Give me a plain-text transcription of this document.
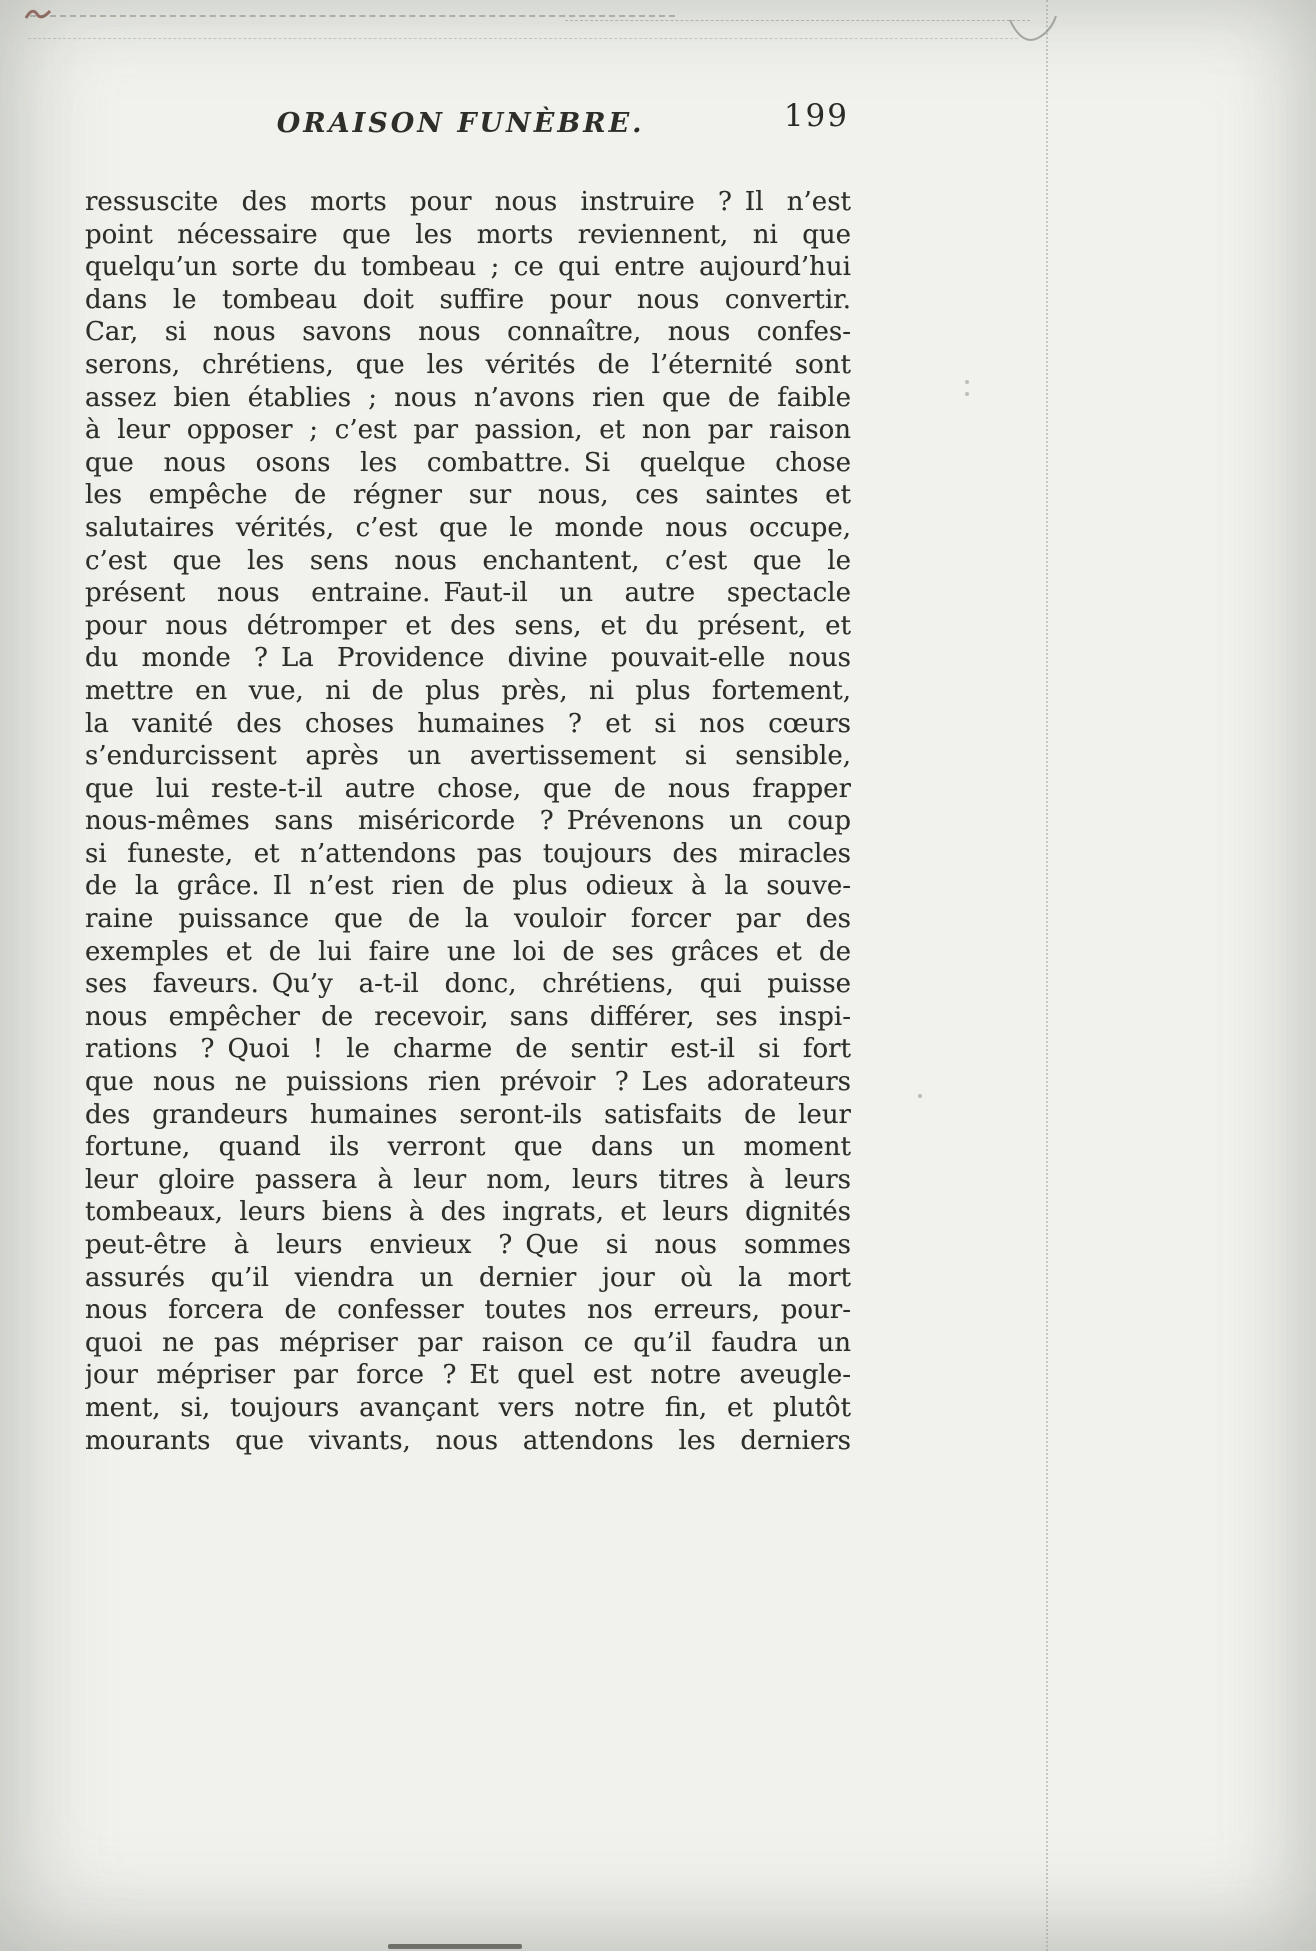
ORAISON FUNÈBRE.	199
ressuscite des morts pour nous instruire ? Il n’est
point nécessaire que les morts reviennent, ni que
quelqu’un sorte du tombeau ; ce qui entre aujourd’hui
dans le tombeau doit suffire pour nous convertir.
Car, si nous savons nous connaître, nous confes-
serons, chrétiens, que les vérités de l’éternité sont
assez bien établies ; nous n’avons rien que de faible
à leur opposer ; c’est par passion, et non par raison
que nous osons les combattre. Si quelque chose
les empêche de régner sur nous, ces saintes et
salutaires vérités, c’est que le monde nous occupe,
c’est que les sens nous enchantent, c’est que le
présent nous entraine. Faut-il un autre spectacle
pour nous détromper et des sens, et du présent, et
du monde ? La Providence divine pouvait-elle nous
mettre en vue, ni de plus près, ni plus fortement,
la vanité des choses humaines ? et si nos cœurs
s’endurcissent après un avertissement si sensible,
que lui reste-t-il autre chose, que de nous frapper
nous-mêmes sans miséricorde ? Prévenons un coup
si funeste, et n’attendons pas toujours des miracles
de la grâce. Il n’est rien de plus odieux à la souve-
raine puissance que de la vouloir forcer par des
exemples et de lui faire une loi de ses grâces et de
ses faveurs. Qu’y a-t-il donc, chrétiens, qui puisse
nous empêcher de recevoir, sans différer, ses inspi-
rations ? Quoi ! le charme de sentir est-il si fort
que nous ne puissions rien prévoir ? Les adorateurs
des grandeurs humaines seront-ils satisfaits de leur
fortune, quand ils verront que dans un moment
leur gloire passera à leur nom, leurs titres à leurs
tombeaux, leurs biens à des ingrats, et leurs dignités
peut-être à leurs envieux ? Que si nous sommes
assurés qu’il viendra un dernier jour où la mort
nous forcera de confesser toutes nos erreurs, pour-
quoi ne pas mépriser par raison ce qu’il faudra un
jour mépriser par force ? Et quel est notre aveugle-
ment, si, toujours avançant vers notre fin, et plutôt
mourants que vivants, nous attendons les derniers
